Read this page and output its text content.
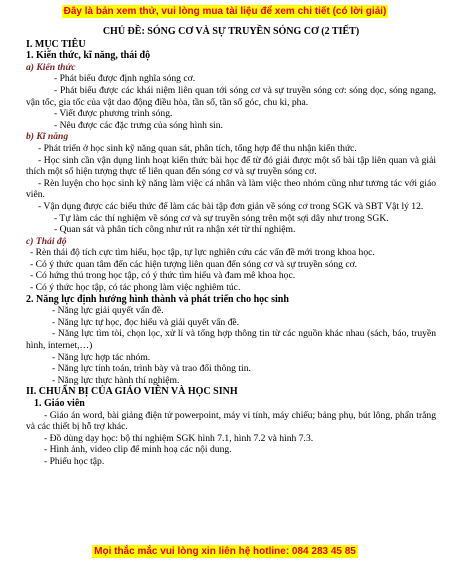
Đây là bản xem thử, vui lòng mua tài liệu để xem chi tiết (có lời giải)
CHỦ ĐỀ: SÓNG CƠ VÀ SỰ TRUYỀN SÓNG CƠ (2 TIẾT)
I. MỤC TIÊU
1. Kiến thức, kĩ năng, thái độ
a) Kiến thức
- Phát biểu được định nghĩa sóng cơ.
- Phát biểu được các khái niệm liên quan tới sóng cơ và sự truyền sóng cơ: sóng dọc, sóng ngang, vận tốc, gia tốc của vật dao động điều hòa, tần số, tần số góc, chu kì, pha.
- Viết được phương trình sóng.
- Nêu được các đặc trưng của sóng hình sin.
b) Kĩ năng
- Phát triển ở học sinh kỹ năng quan sát, phân tích, tổng hợp để thu nhận kiến thức.
- Học sinh cần vận dụng linh hoạt kiến thức bài học để từ đó giải được một số bài tập liên quan và giải thích một số hiện tượng thực tế liên quan đến sóng cơ và sự truyền sóng cơ.
- Rèn luyện cho học sinh kỹ năng làm việc cá nhân và làm việc theo nhóm cũng như tương tác với giáo viên.
- Vận dụng được các biểu thức để làm các bài tập đơn giản về sóng cơ trong SGK và SBT Vật lý 12.
- Tự làm các thí nghiệm về sóng cơ và sự truyền sóng trên một sợi dây như trong SGK.
- Quan sát và phân tích công như rút ra nhận xét từ thí nghiệm.
c) Thái độ
- Rèn thái độ tích cực tìm hiểu, học tập, tự lực nghiên cứu các vấn đề mới trong khoa học.
- Có ý thức quan tâm đến các hiện tượng liên quan đến sóng cơ và sự truyền sóng cơ.
- Có hứng thú trong học tập, có ý thức tìm hiểu và đam mê khoa học.
- Có ý thức học tập, có tác phong làm việc nghiêm túc.
2. Năng lực định hướng hình thành và phát triển cho học sinh
- Năng lực giải quyết vấn đề.
- Năng lực tự học, đọc hiểu và giải quyết vấn đề.
- Năng lực tìm tòi, chọn lọc, xử lí và tổng hợp thông tin từ các nguồn khác nhau (sách, báo, truyền hình, internet,…)
- Năng lực hợp tác nhóm.
- Năng lực tính toán, trình bày và trao đổi thông tin.
- Năng lực thực hành thí nghiệm.
II. CHUẨN BỊ CỦA GIÁO VIÊN VÀ HỌC SINH
1. Giáo viên
- Giáo án word, bài giảng điện tử powerpoint, máy vi tính, máy chiếu; bảng phụ, bút lông, phấn trắng và các thiết bị hỗ trợ khác.
- Đồ dùng dạy học: bộ thí nghiệm SGK hình 7.1, hình 7.2 và hình 7.3.
- Hình ảnh, video clip để minh hoạ các nội dung.
- Phiếu học tập.
Mọi thắc mắc vui lòng xin liên hệ hotline: 084 283 45 85
